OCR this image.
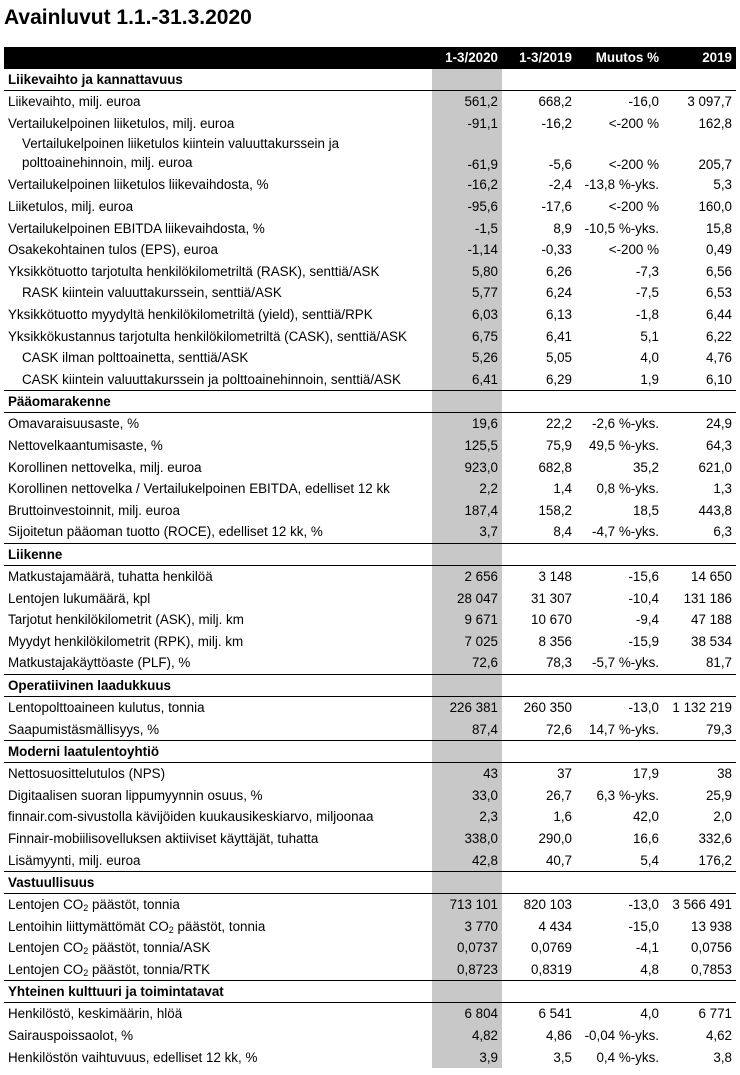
Avainluvut 1.1.-31.3.2020
	1-3/2020	1-3/2019	Muutos %	2019
Liikevaihto ja kannattavuus				
Liikevaihto, milj. euroa	561,2	668,2	-16,0	3 097,7
Vertailukelpoinen liiketulos, milj. euroa	-91,1	-16,2	<-200 %	162,8
Vertailukelpoinen liiketulos kiintein valuuttakurssein ja polttoainehinnoin, milj. euroa	-61,9	-5,6	<-200 %	205,7
Vertailukelpoinen liiketulos liikevaihdosta, %	-16,2	-2,4	-13,8 %-yks.	5,3
Liiketulos, milj. euroa	-95,6	-17,6	<-200 %	160,0
Vertailukelpoinen EBITDA liikevaihdosta, %	-1,5	8,9	-10,5 %-yks.	15,8
Osakekohtainen tulos (EPS), euroa	-1,14	-0,33	<-200 %	0,49
Yksikkötuotto tarjotulta henkilökilometriltä (RASK), senttiä/ASK	5,80	6,26	-7,3	6,56
RASK kiintein valuuttakurssein, senttiä/ASK	5,77	6,24	-7,5	6,53
Yksikkötuotto myydyltä henkilökilometriltä (yield), senttiä/RPK	6,03	6,13	-1,8	6,44
Yksikkökustannus tarjotulta henkilökilometriltä (CASK), senttiä/ASK	6,75	6,41	5,1	6,22
CASK ilman polttoainetta, senttiä/ASK	5,26	5,05	4,0	4,76
CASK kiintein valuuttakurssein ja polttoainehinnoin, senttiä/ASK	6,41	6,29	1,9	6,10
Pääomarakenne				
Omavaraisuusaste, %	19,6	22,2	-2,6 %-yks.	24,9
Nettovelkaantumisaste, %	125,5	75,9	49,5 %-yks.	64,3
Korollinen nettovelka, milj. euroa	923,0	682,8	35,2	621,0
Korollinen nettovelka / Vertailukelpoinen EBITDA, edelliset 12 kk	2,2	1,4	0,8 %-yks.	1,3
Bruttoinvestoinnit, milj. euroa	187,4	158,2	18,5	443,8
Sijoitetun pääoman tuotto (ROCE), edelliset 12 kk, %	3,7	8,4	-4,7 %-yks.	6,3
Liikenne				
Matkustajamäärä, tuhatta henkilöä	2 656	3 148	-15,6	14 650
Lentojen lukumäärä, kpl	28 047	31 307	-10,4	131 186
Tarjotut henkilökilometrit (ASK), milj. km	9 671	10 670	-9,4	47 188
Myydyt henkilökilometrit (RPK), milj. km	7 025	8 356	-15,9	38 534
Matkustajakäyttöaste (PLF), %	72,6	78,3	-5,7 %-yks.	81,7
Operatiivinen laadukkuus				
Lentopolttoaineen kulutus, tonnia	226 381	260 350	-13,0	1 132 219
Saapumistäsmällisyys, %	87,4	72,6	14,7 %-yks.	79,3
Moderni laatulentoyhtiö				
Nettosuosittelutulos (NPS)	43	37	17,9	38
Digitaalisen suoran lippumyynnin osuus, %	33,0	26,7	6,3 %-yks.	25,9
finnair.com-sivustolla kävijöiden kuukausikeskiarvo, miljoonaa	2,3	1,6	42,0	2,0
Finnair-mobiilisovelluksen aktiiviset käyttäjät, tuhatta	338,0	290,0	16,6	332,6
Lisämyynti, milj. euroa	42,8	40,7	5,4	176,2
Vastuullisuus				
Lentojen $CO_2$ päästöt, tonnia	713 101	820 103	-13,0	3 566 491
Lentoihin liittymättömät $CO_2$ päästöt, tonnia	3 770	4 434	-15,0	13 938
Lentojen $CO_2$ päästöt, tonnia/ASK	0,0737	0,0769	-4,1	0,0756
Lentojen $CO_2$ päästöt, tonnia/RTK	0,8723	0,8319	4,8	0,7853
Yhteinen kulttuuri ja toimintatavat				
Henkilöstö, keskimäärin, hlöä	6 804	6 541	4,0	6 771
Sairauspoissaolot, %	4,82	4,86	-0,04 %-yks.	4,62
Henkilöstön vaihtuvuus, edelliset 12 kk, %	3,9	3,5	0,4 %-yks.	3,8
